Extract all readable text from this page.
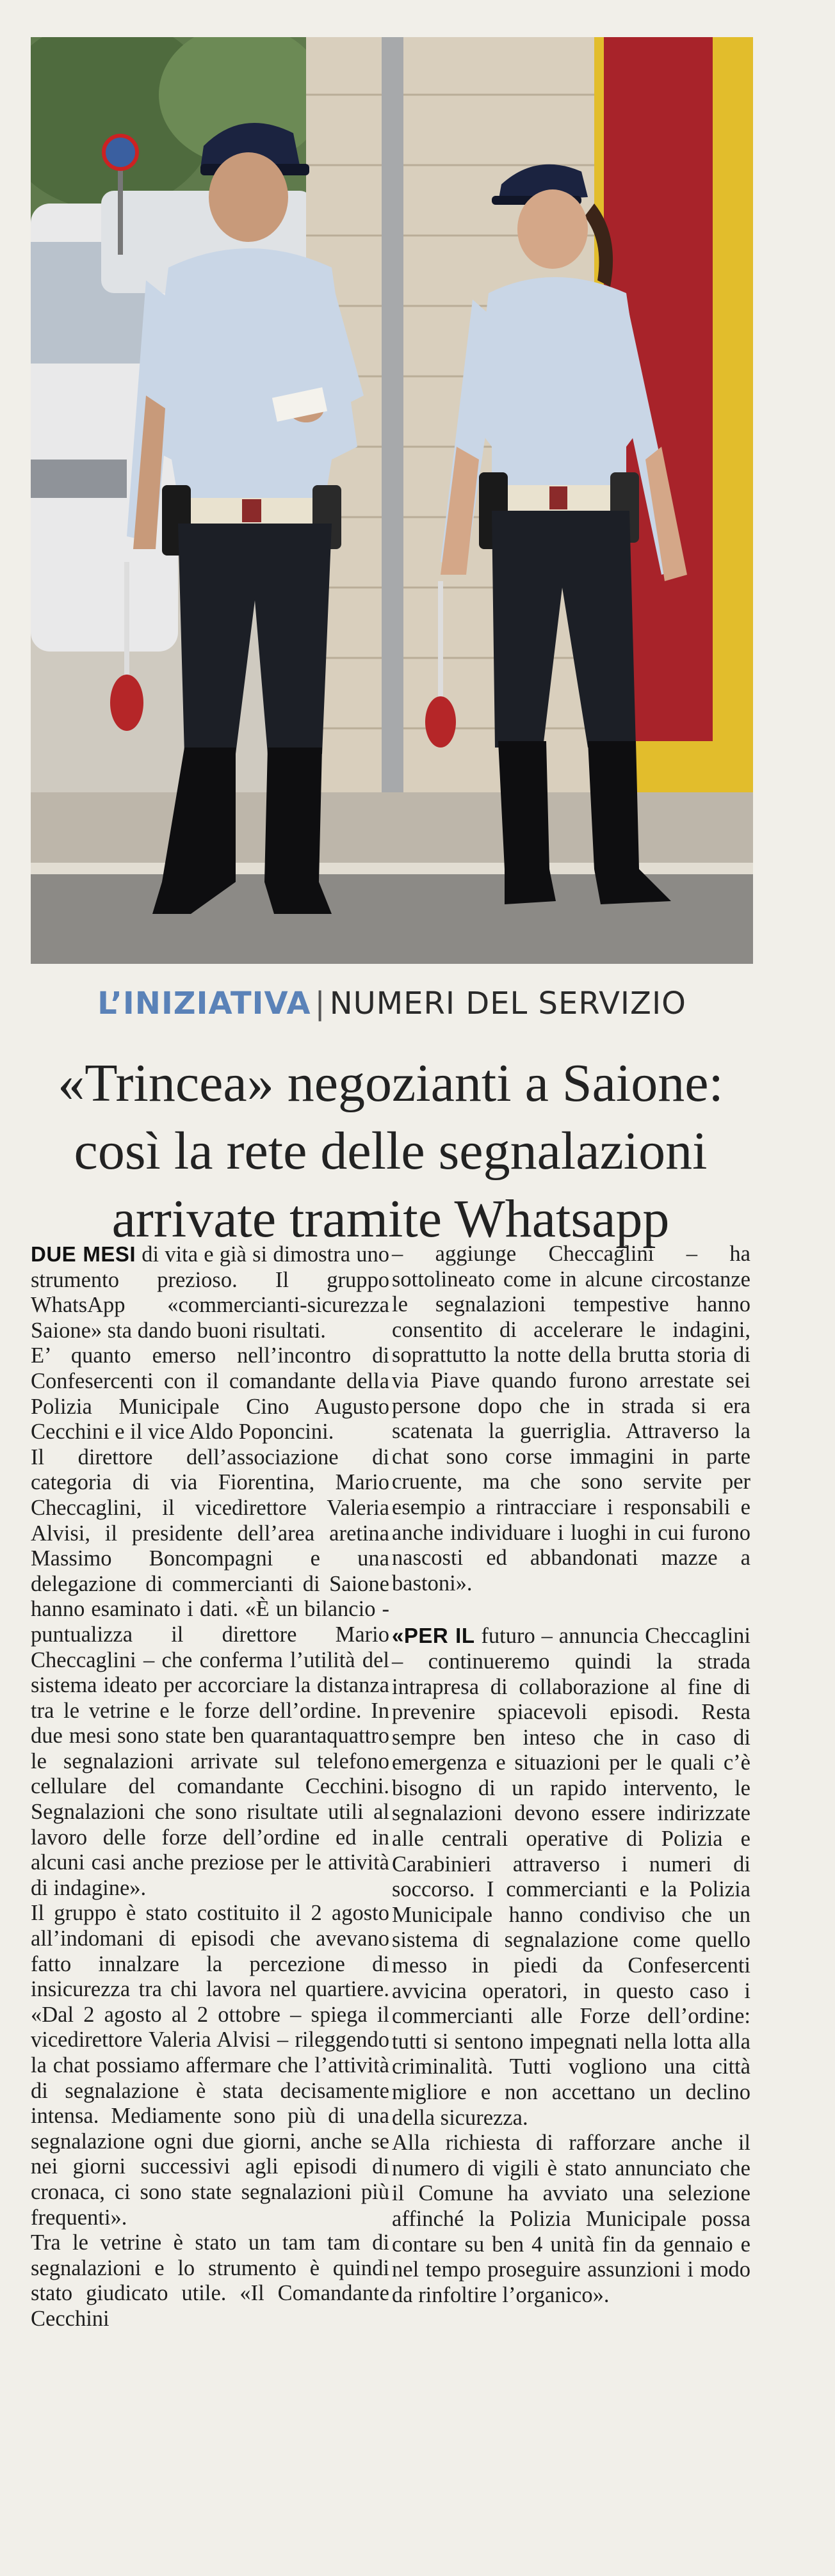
L’INIZIATIVA | NUMERI DEL SERVIZIO
«Trincea» negozianti a Saione:
così la rete delle segnalazioni
arrivate tramite Whatsapp

DUE MESI di vita e già si dimostra uno strumento prezioso. Il gruppo WhatsApp «commercianti-sicurezza Saione» sta dando buoni risultati.

E’ quanto emerso nell’incontro di Confesercenti con il comandante della Polizia Municipale Cino Augusto Cecchini e il vice Aldo Poponcini.

Il direttore dell’associazione di categoria di via Fiorentina, Mario Checcaglini, il vicedirettore Valeria Alvisi, il presidente dell’area aretina Massimo Boncompagni e una delegazione di commercianti di Saione hanno esaminato i dati. «È un bilancio - puntualizza il direttore Mario Checcaglini – che conferma l’utilità del sistema ideato per accorciare la distanza tra le vetrine e le forze dell’ordine. In due mesi sono state ben quarantaquattro le segnalazioni arrivate sul telefono cellulare del comandante Cecchini. Segnalazioni che sono risultate utili al lavoro delle forze dell’ordine ed in alcuni casi anche preziose per le attività di indagine».

Il gruppo è stato costituito il 2 agosto all’indomani di episodi che avevano fatto innalzare la percezione di insicurezza tra chi lavora nel quartiere. «Dal 2 agosto al 2 ottobre – spiega il vicedirettore Valeria Alvisi – rileggendo la chat possiamo affermare che l’attività di segnalazione è stata decisamente intensa. Mediamente sono più di una segnalazione ogni due giorni, anche se nei giorni successivi agli episodi di cronaca, ci sono state segnalazioni più frequenti».

Tra le vetrine è stato un tam tam di segnalazioni e lo strumento è quindi stato giudicato utile. «Il Comandante Cecchini

– aggiunge Checcaglini – ha sottolineato come in alcune circostanze le segnalazioni tempestive hanno consentito di accelerare le indagini, soprattutto la notte della brutta storia di via Piave quando furono arrestate sei persone dopo che in strada si era scatenata la guerriglia. Attraverso la chat sono corse immagini in parte cruente, ma che sono servite per esempio a rintracciare i responsabili e anche individuare i luoghi in cui furono nascosti ed abbandonati mazze a bastoni».

«PER IL futuro – annuncia Checcaglini – continueremo quindi la strada intrapresa di collaborazione al fine di prevenire spiacevoli episodi. Resta sempre ben inteso che in caso di emergenza e situazioni per le quali c’è bisogno di un rapido intervento, le segnalazioni devono essere indirizzate alle centrali operative di Polizia e Carabinieri attraverso i numeri di soccorso. I commercianti e la Polizia Municipale hanno condiviso che un sistema di segnalazione come quello messo in piedi da Confesercenti avvicina operatori, in questo caso i commercianti alle Forze dell’ordine: tutti si sentono impegnati nella lotta alla criminalità. Tutti vogliono una città migliore e non accettano un declino della sicurezza.

Alla richiesta di rafforzare anche il numero di vigili è stato annunciato che il Comune ha avviato una selezione affinché la Polizia Municipale possa contare su ben 4 unità fin da gennaio e nel tempo proseguire assunzioni i modo da rinfoltire l’organico».
